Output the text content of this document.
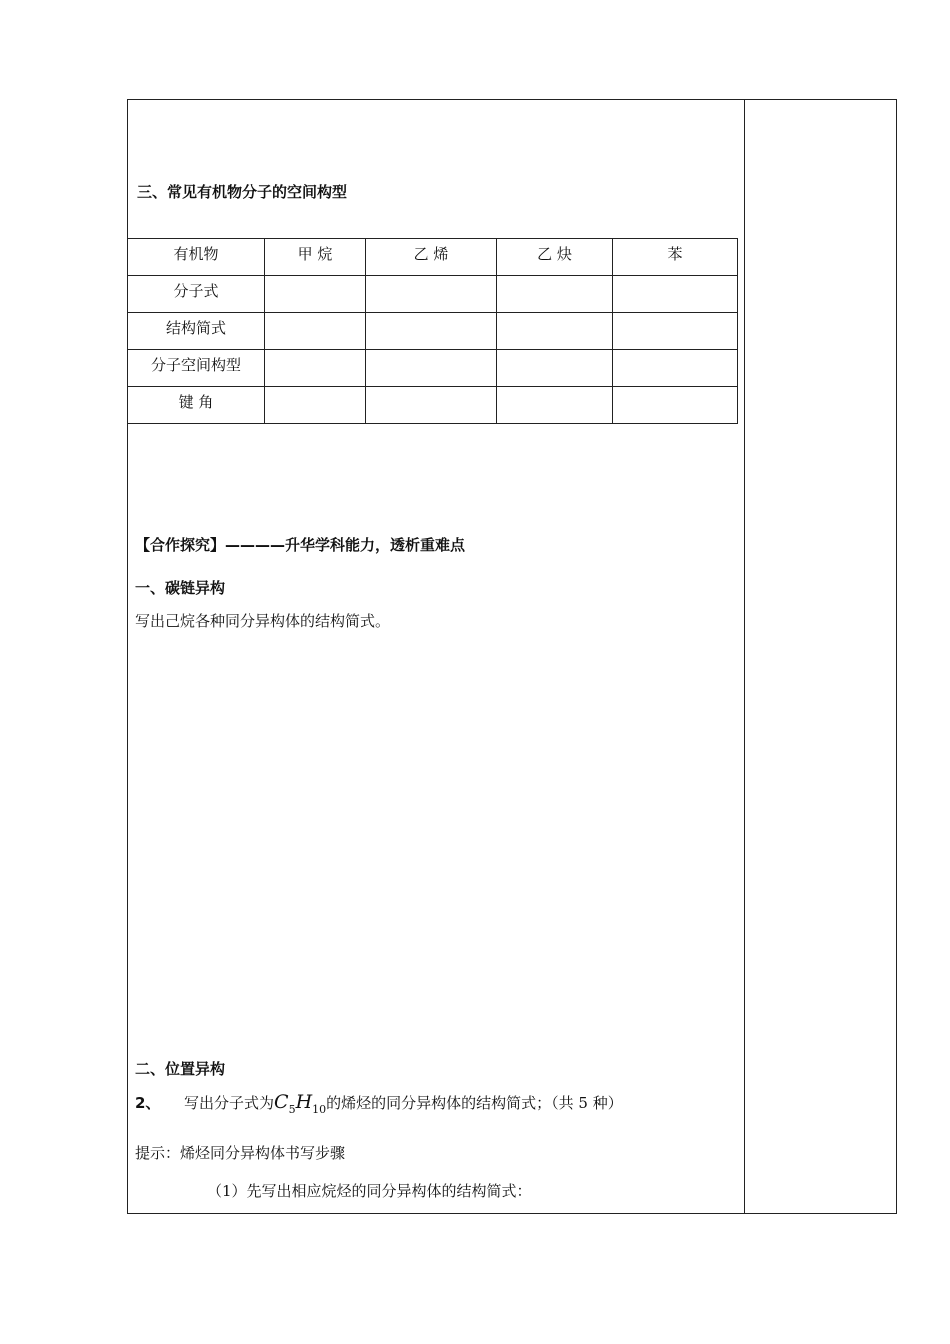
三、常见有机物分子的空间构型
有机物	甲 烷	乙 烯	乙 炔	苯
分子式				
结构简式				
分子空间构型				
键 角				
【合作探究】————升华学科能力，透析重难点
一、碳链异构
写出己烷各种同分异构体的结构简式。
二、位置异构
2、 写出分子式为$C_5H_{10}$的烯烃的同分异构体的结构简式；（共 5 种）
提示：烯烃同分异构体书写步骤
（1）先写出相应烷烃的同分异构体的结构简式：
